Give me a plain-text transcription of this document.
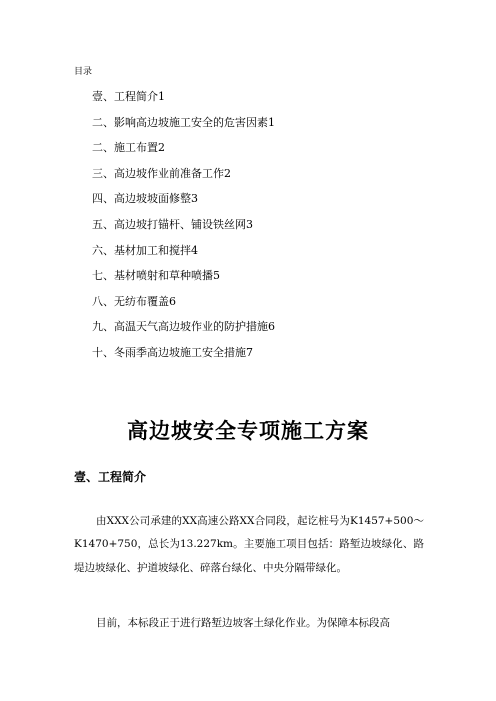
目录
壹、工程简介1
二、影响高边坡施工安全的危害因素1
二、施工布置2
三、高边坡作业前准备工作2
四、高边坡坡面修整3
五、高边坡打锚杆、铺设铁丝网3
六、基材加工和搅拌4
七、基材喷射和草种喷播5
八、无纺布覆盖6
九、高温天气高边坡作业的防护措施6
十、冬雨季高边坡施工安全措施7
高边坡安全专项施工方案
壹、工程简介

由XXX公司承建的XX高速公路XX合同段，起讫桩号为K1457+500～K1470+750，总长为13.227km。主要施工项目包括：路堑边坡绿化、路堤边坡绿化、护道坡绿化、碎落台绿化、中央分隔带绿化。

目前，本标段正于进行路堑边坡客土绿化作业。为保障本标段高
